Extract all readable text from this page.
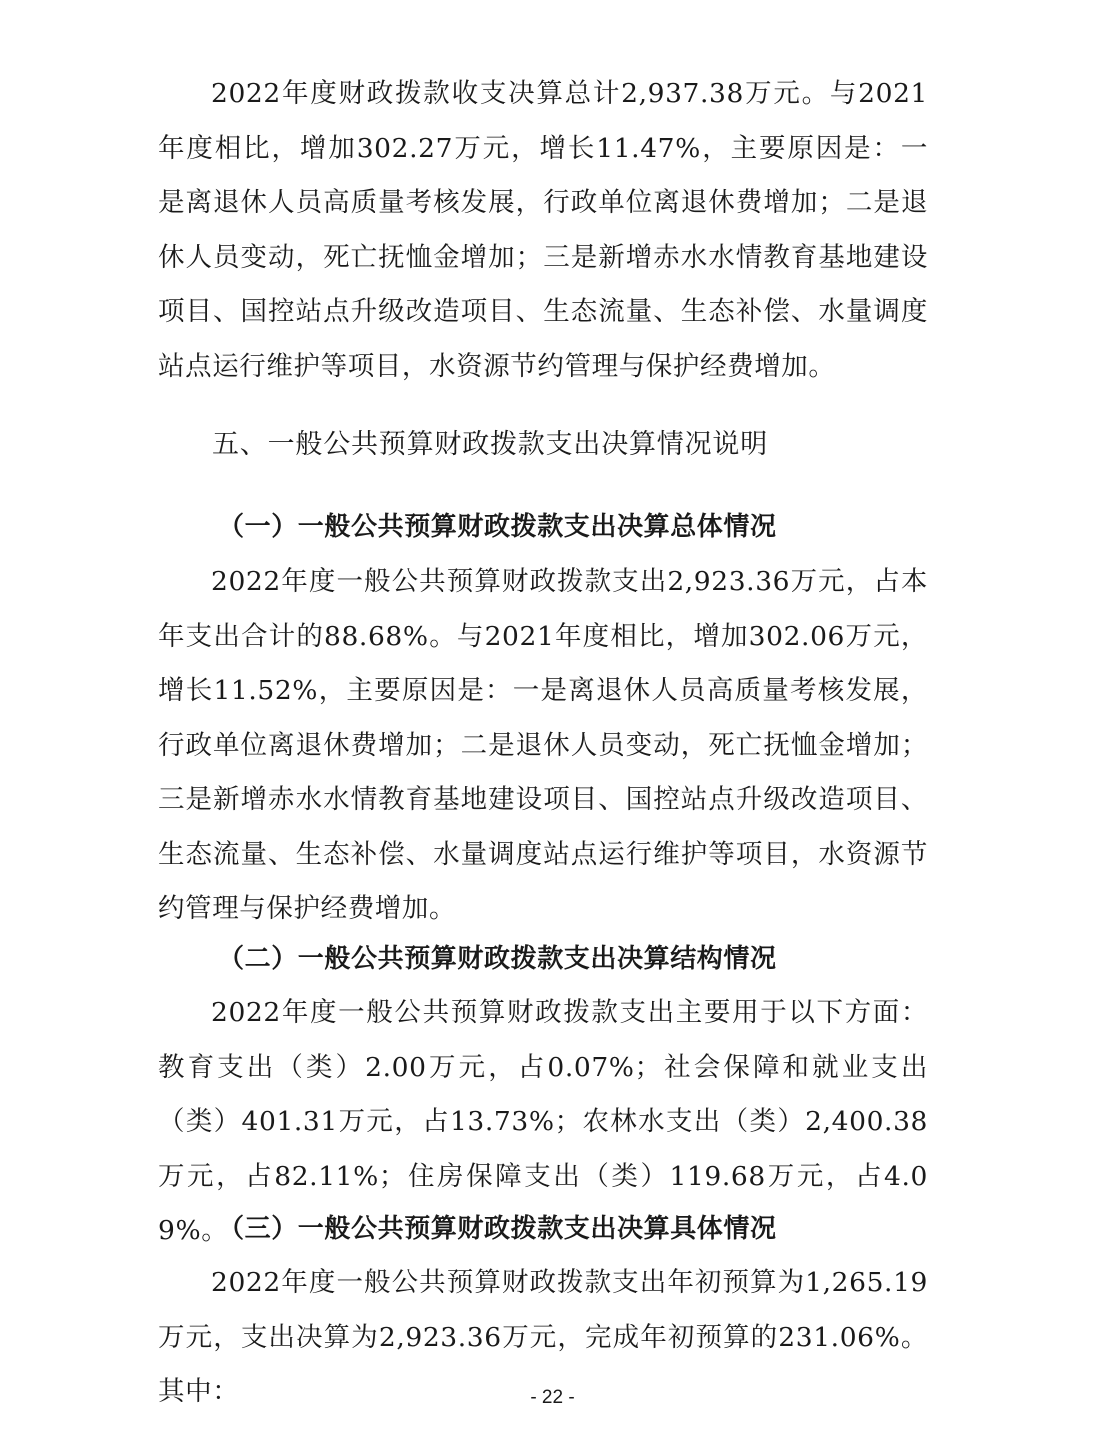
2022年度财政拨款收支决算总计2,937.38万元。与2021年度相比，增加302.27万元，增长11.47%，主要原因是：一是离退休人员高质量考核发展，行政单位离退休费增加；二是退休人员变动，死亡抚恤金增加；三是新增赤水水情教育基地建设项目、国控站点升级改造项目、生态流量、生态补偿、水量调度站点运行维护等项目，水资源节约管理与保护经费增加。

五、一般公共预算财政拨款支出决算情况说明
（一）一般公共预算财政拨款支出决算总体情况

2022年度一般公共预算财政拨款支出2,923.36万元，占本年支出合计的88.68%。与2021年度相比，增加302.06万元，增长11.52%，主要原因是：一是离退休人员高质量考核发展，行政单位离退休费增加；二是退休人员变动，死亡抚恤金增加；三是新增赤水水情教育基地建设项目、国控站点升级改造项目、生态流量、生态补偿、水量调度站点运行维护等项目，水资源节约管理与保护经费增加。

（二）一般公共预算财政拨款支出决算结构情况

2022年度一般公共预算财政拨款支出主要用于以下方面：教育支出（类）2.00万元，占0.07%；社会保障和就业支出（类）401.31万元，占13.73%；农林水支出（类）2,400.38万元，占82.11%；住房保障支出（类）119.68万元，占4.09%。

（三）一般公共预算财政拨款支出决算具体情况

2022年度一般公共预算财政拨款支出年初预算为1,265.19万元，支出决算为2,923.36万元，完成年初预算的231.06%。其中：	- 22 -
